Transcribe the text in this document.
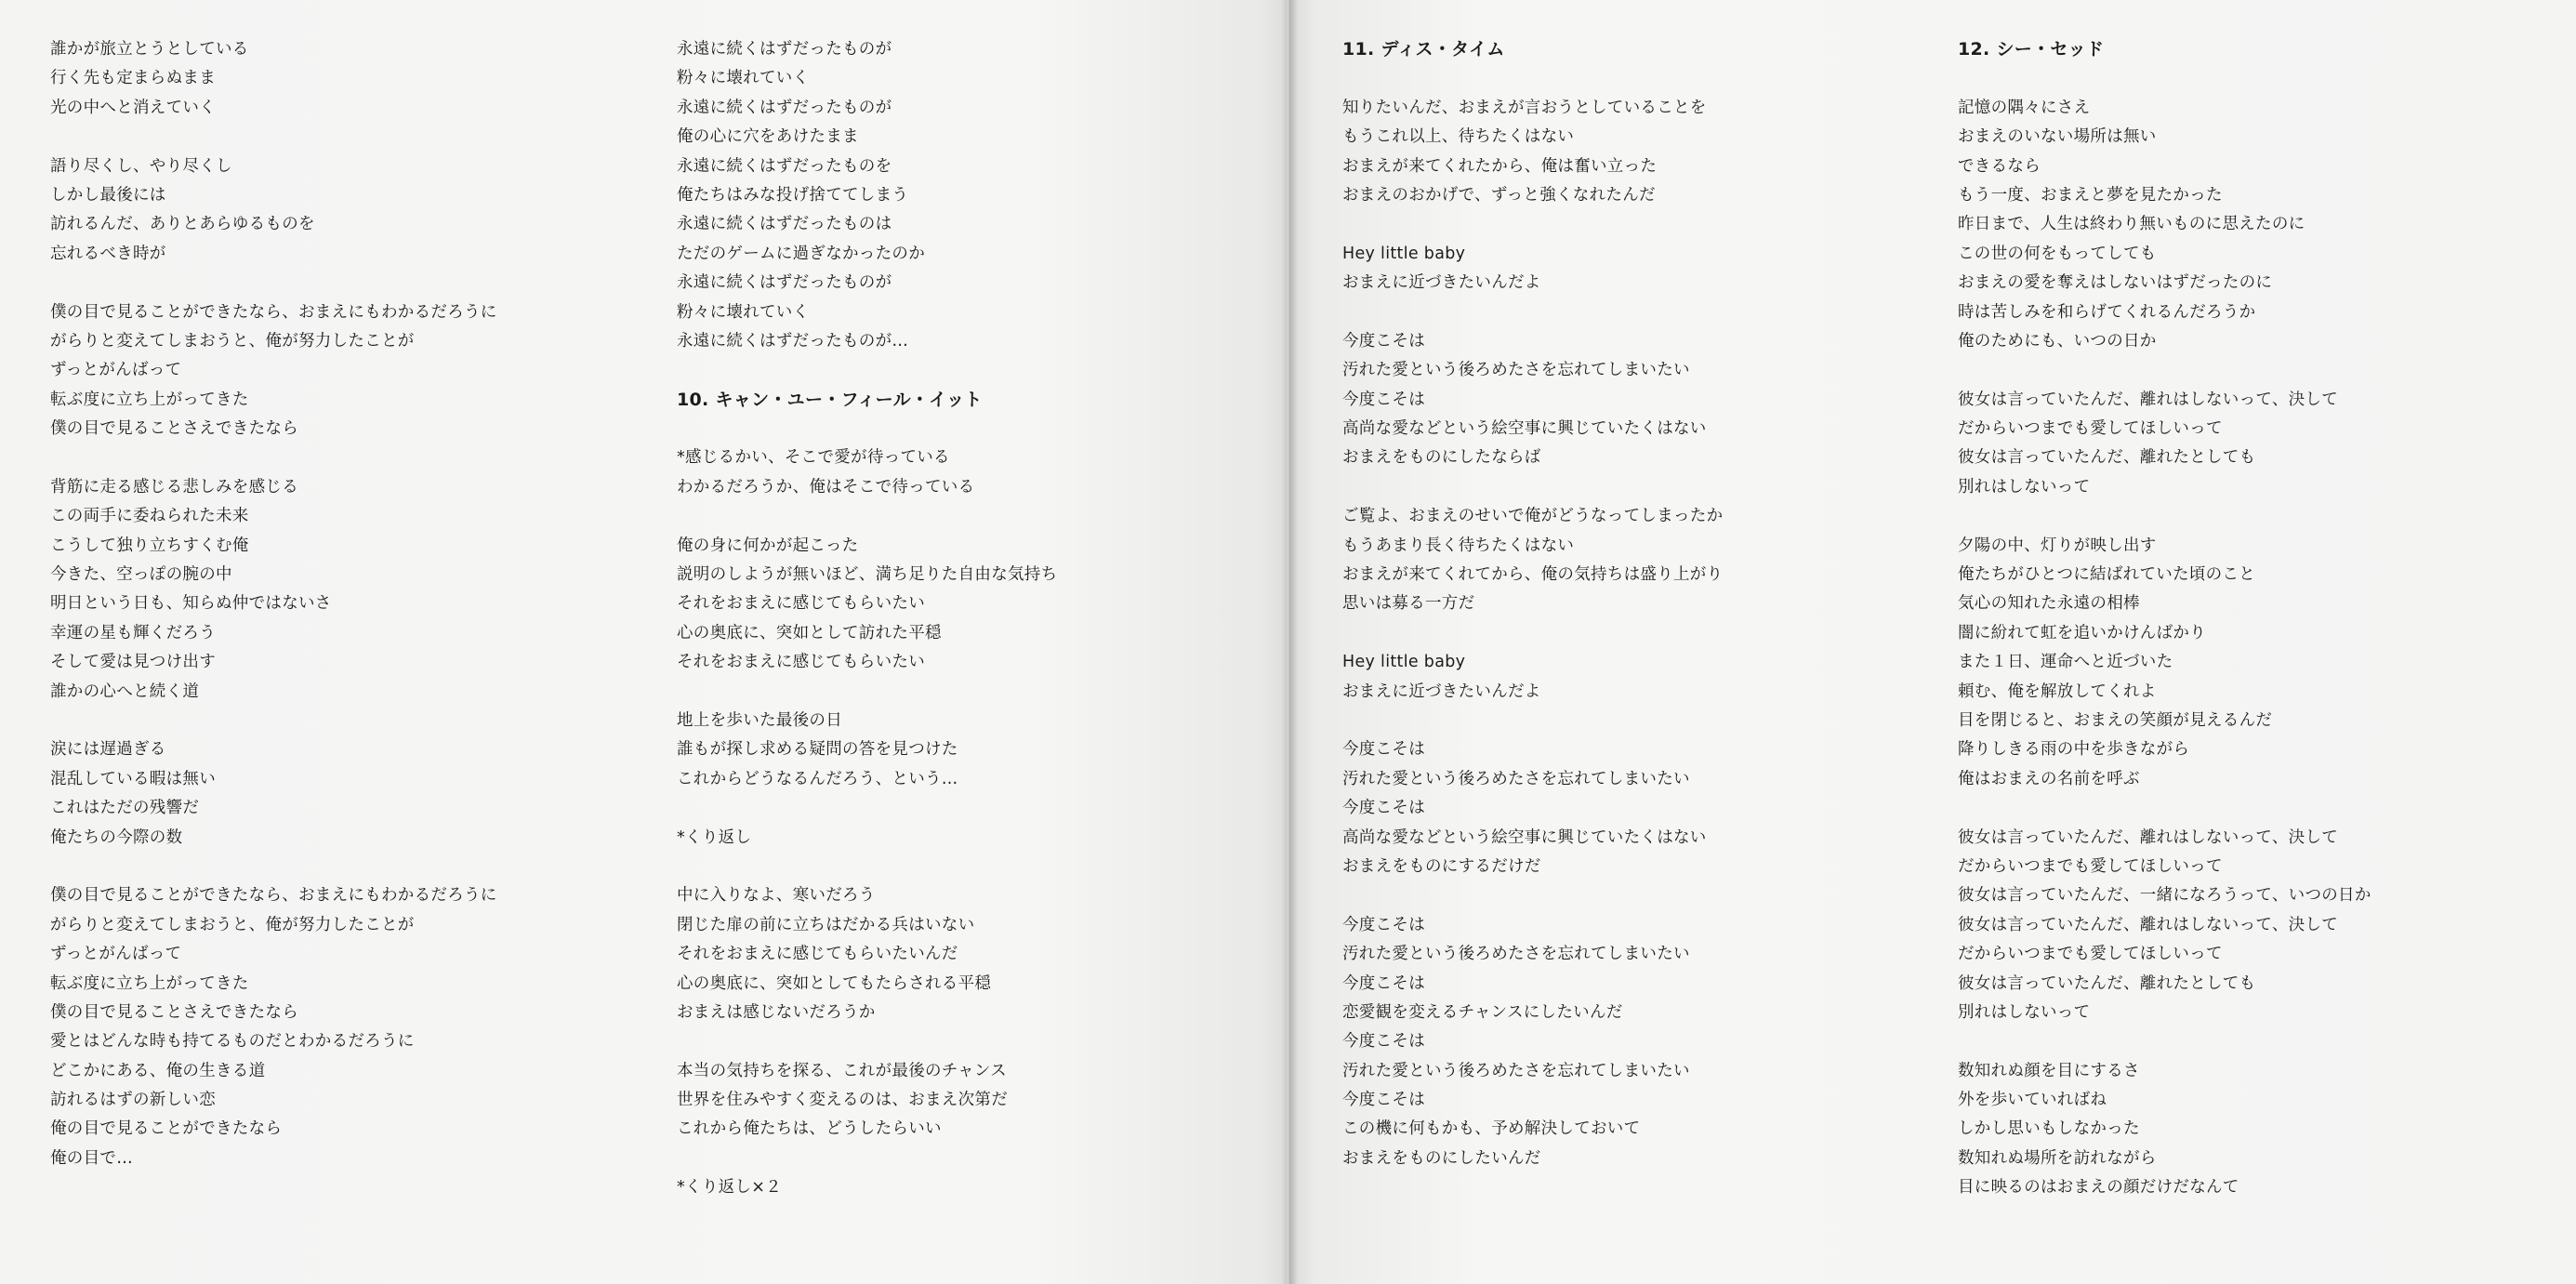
誰かが旅立とうとしている
行く先も定まらぬまま
光の中へと消えていく
語り尽くし、やり尽くし
しかし最後には
訪れるんだ、ありとあらゆるものを
忘れるべき時が
僕の目で見ることができたなら、おまえにもわかるだろうに
がらりと変えてしまおうと、俺が努力したことが
ずっとがんばって
転ぶ度に立ち上がってきた
僕の目で見ることさえできたなら
背筋に走る感じる悲しみを感じる
この両手に委ねられた未来
こうして独り立ちすくむ俺
今きた、空っぽの腕の中
明日という日も、知らぬ仲ではないさ
幸運の星も輝くだろう
そして愛は見つけ出す
誰かの心へと続く道
涙には遅過ぎる
混乱している暇は無い
これはただの残響だ
俺たちの今際の数
僕の目で見ることができたなら、おまえにもわかるだろうに
がらりと変えてしまおうと、俺が努力したことが
ずっとがんばって
転ぶ度に立ち上がってきた
僕の目で見ることさえできたなら
愛とはどんな時も持てるものだとわかるだろうに
どこかにある、俺の生きる道
訪れるはずの新しい恋
俺の目で見ることができたなら
俺の目で…
永遠に続くはずだったものが
粉々に壊れていく
永遠に続くはずだったものが
俺の心に穴をあけたまま
永遠に続くはずだったものを
俺たちはみな投げ捨ててしまう
永遠に続くはずだったものは
ただのゲームに過ぎなかったのか
永遠に続くはずだったものが
粉々に壊れていく
永遠に続くはずだったものが…
10. キャン・ユー・フィール・イット
*感じるかい、そこで愛が待っている
わかるだろうか、俺はそこで待っている
俺の身に何かが起こった
説明のしようが無いほど、満ち足りた自由な気持ち
それをおまえに感じてもらいたい
心の奥底に、突如として訪れた平穏
それをおまえに感じてもらいたい
地上を歩いた最後の日
誰もが探し求める疑問の答を見つけた
これからどうなるんだろう、という…
*くり返し
中に入りなよ、寒いだろう
閉じた扉の前に立ちはだかる兵はいない
それをおまえに感じてもらいたいんだ
心の奥底に、突如としてもたらされる平穏
おまえは感じないだろうか
本当の気持ちを探る、これが最後のチャンス
世界を住みやすく変えるのは、おまえ次第だ
これから俺たちは、どうしたらいい
*くり返し×２
11. ディス・タイム
知りたいんだ、おまえが言おうとしていることを
もうこれ以上、待ちたくはない
おまえが来てくれたから、俺は奮い立った
おまえのおかげで、ずっと強くなれたんだ
Hey little baby
おまえに近づきたいんだよ
今度こそは
汚れた愛という後ろめたさを忘れてしまいたい
今度こそは
高尚な愛などという絵空事に興じていたくはない
おまえをものにしたならば
ご覧よ、おまえのせいで俺がどうなってしまったか
もうあまり長く待ちたくはない
おまえが来てくれてから、俺の気持ちは盛り上がり
思いは募る一方だ
Hey little baby
おまえに近づきたいんだよ
今度こそは
汚れた愛という後ろめたさを忘れてしまいたい
今度こそは
高尚な愛などという絵空事に興じていたくはない
おまえをものにするだけだ
今度こそは
汚れた愛という後ろめたさを忘れてしまいたい
今度こそは
恋愛観を変えるチャンスにしたいんだ
今度こそは
汚れた愛という後ろめたさを忘れてしまいたい
今度こそは
この機に何もかも、予め解決しておいて
おまえをものにしたいんだ
12. シー・セッド
記憶の隅々にさえ
おまえのいない場所は無い
できるなら
もう一度、おまえと夢を見たかった
昨日まで、人生は終わり無いものに思えたのに
この世の何をもってしても
おまえの愛を奪えはしないはずだったのに
時は苦しみを和らげてくれるんだろうか
俺のためにも、いつの日か
彼女は言っていたんだ、離れはしないって、決して
だからいつまでも愛してほしいって
彼女は言っていたんだ、離れたとしても
別れはしないって
夕陽の中、灯りが映し出す
俺たちがひとつに結ばれていた頃のこと
気心の知れた永遠の相棒
闇に紛れて虹を追いかけんばかり
また１日、運命へと近づいた
頼む、俺を解放してくれよ
目を閉じると、おまえの笑顔が見えるんだ
降りしきる雨の中を歩きながら
俺はおまえの名前を呼ぶ
彼女は言っていたんだ、離れはしないって、決して
だからいつまでも愛してほしいって
彼女は言っていたんだ、一緒になろうって、いつの日か
彼女は言っていたんだ、離れはしないって、決して
だからいつまでも愛してほしいって
彼女は言っていたんだ、離れたとしても
別れはしないって
数知れぬ顔を目にするさ
外を歩いていればね
しかし思いもしなかった
数知れぬ場所を訪れながら
目に映るのはおまえの顔だけだなんて
